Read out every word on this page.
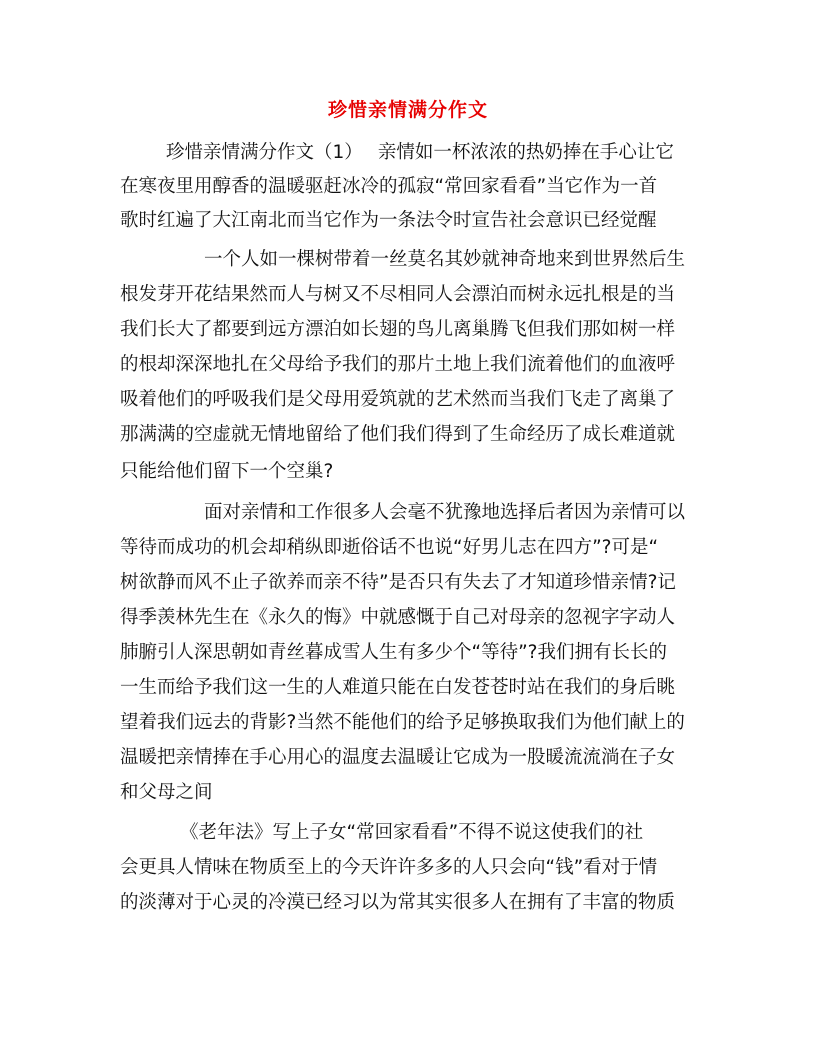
珍惜亲情满分作文
珍惜亲情满分作文（1）　 亲情如一杯浓浓的热奶捧在手心让它
在寒夜里用醇香的温暖驱赶冰冷的孤寂“常回家看看”当它作为一首
歌时红遍了大江南北而当它作为一条法令时宣告社会意识已经觉醒
一个人如一棵树带着一丝莫名其妙就神奇地来到世界然后生
根发芽开花结果然而人与树又不尽相同人会漂泊而树永远扎根是的当
我们长大了都要到远方漂泊如长翅的鸟儿离巢腾飞但我们那如树一样
的根却深深地扎在父母给予我们的那片土地上我们流着他们的血液呼
吸着他们的呼吸我们是父母用爱筑就的艺术然而当我们飞走了离巢了
那满满的空虚就无情地留给了他们我们得到了生命经历了成长难道就
只能给他们留下一个空巢?
面对亲情和工作很多人会毫不犹豫地选择后者因为亲情可以
等待而成功的机会却稍纵即逝俗话不也说“好男儿志在四方”?可是“
树欲静而风不止子欲养而亲不待”是否只有失去了才知道珍惜亲情?记
得季羡林先生在《永久的悔》中就感慨于自己对母亲的忽视字字动人
肺腑引人深思朝如青丝暮成雪人生有多少个“等待”?我们拥有长长的
一生而给予我们这一生的人难道只能在白发苍苍时站在我们的身后眺
望着我们远去的背影?当然不能他们的给予足够换取我们为他们献上的
温暖把亲情捧在手心用心的温度去温暖让它成为一股暖流流淌在子女
和父母之间
《老年法》写上子女“常回家看看”不得不说这使我们的社
会更具人情味在物质至上的今天许许多多的人只会向“钱”看对于情
的淡薄对于心灵的冷漠已经习以为常其实很多人在拥有了丰富的物质
